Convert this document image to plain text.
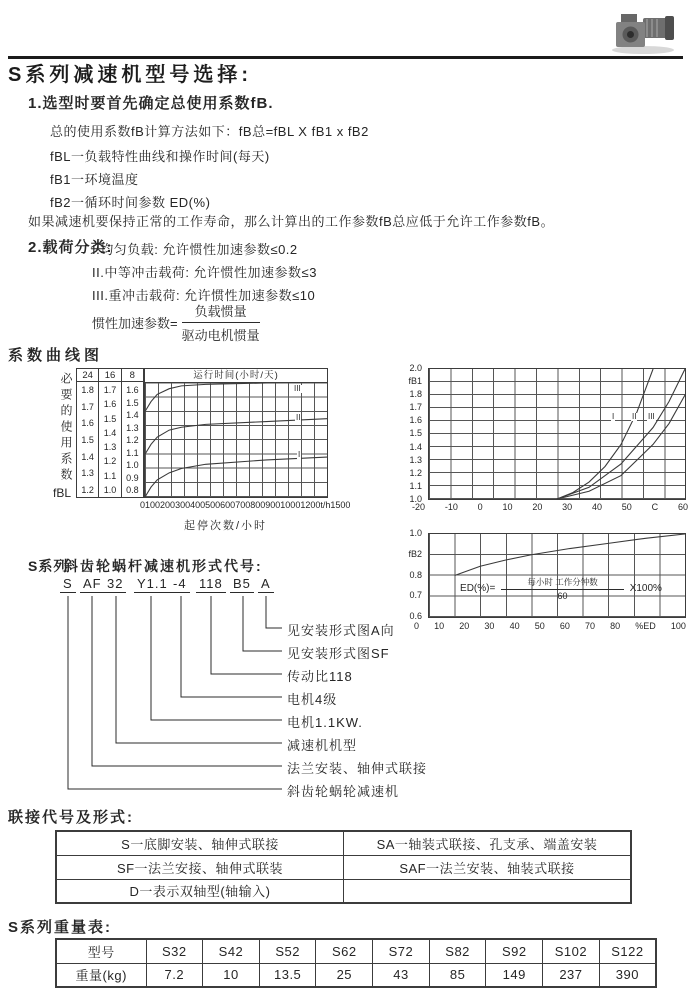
S系列减速机型号选择:
1.选型时要首先确定总使用系数fB.
总的使用系数fB计算方法如下：fB总=fBL X fB1 x fB2
fBL一负载特性曲线和操作时间(每天)
fB1一环境温度
fB2一循环时间参数 ED(%)
如果减速机要保持正常的工作寿命，那么计算出的工作参数fB总应低于允许工作参数fB。
2.载荷分类:
I.均匀负载: 允许惯性加速参数≤0.2
II.中等冲击载荷: 允许惯性加速参数≤3
III.重冲击载荷: 允许惯性加速参数≤10
惯性加速参数= $\frac{\text{负载惯量}}{\text{驱动电机惯量}}$
系数曲线图
必要的使用系数
fBL
24
1.8
1.7
1.6
1.5
1.4
1.3
1.2
16
1.7
1.6
1.5
1.4
1.3
1.2
1.1
1.0
8
1.6
1.5
1.4
1.3
1.2
1.1
1.0
0.9
0.8
运行时间(小时/天)
III
II
I
0 100 200 300 400 500 600 700 800 900 1000 1200 t/h 1500
起停次数/小时
2.0
fB1
1.8
1.7
1.6
1.5
1.4
1.3
1.2
1.1
1.0
I II III
-20 -10 0 10 20 30 40 50 C 60
1.0
fB2
0.8
0.7
0.6
$ED(\%)= \frac{\text{每小时 工作分钟数}}{60} X100\%$
0 10 20 30 40 50 60 70 80 %ED 100
S系列
斜齿轮蜗杆减速机形式代号:
S AF 32 Y1.1 -4 118 B5 A
见安装形式图A向
见安装形式图SF
传动比118
电机4级
电机1.1KW.
减速机机型
法兰安装、轴伸式联接
斜齿轮蜗轮减速机
联接代号及形式:
S一底脚安装、轴伸式联接	SA一轴装式联接、孔支承、端盖安装
SF一法兰安接、轴伸式联装	SAF一法兰安装、轴装式联接
D一表示双轴型(轴输入)	
S系列重量表:
型号	S32	S42	S52	S62	S72	S82	S92	S102	S122
重量(kg)	7.2	10	13.5	25	43	85	149	237	390
